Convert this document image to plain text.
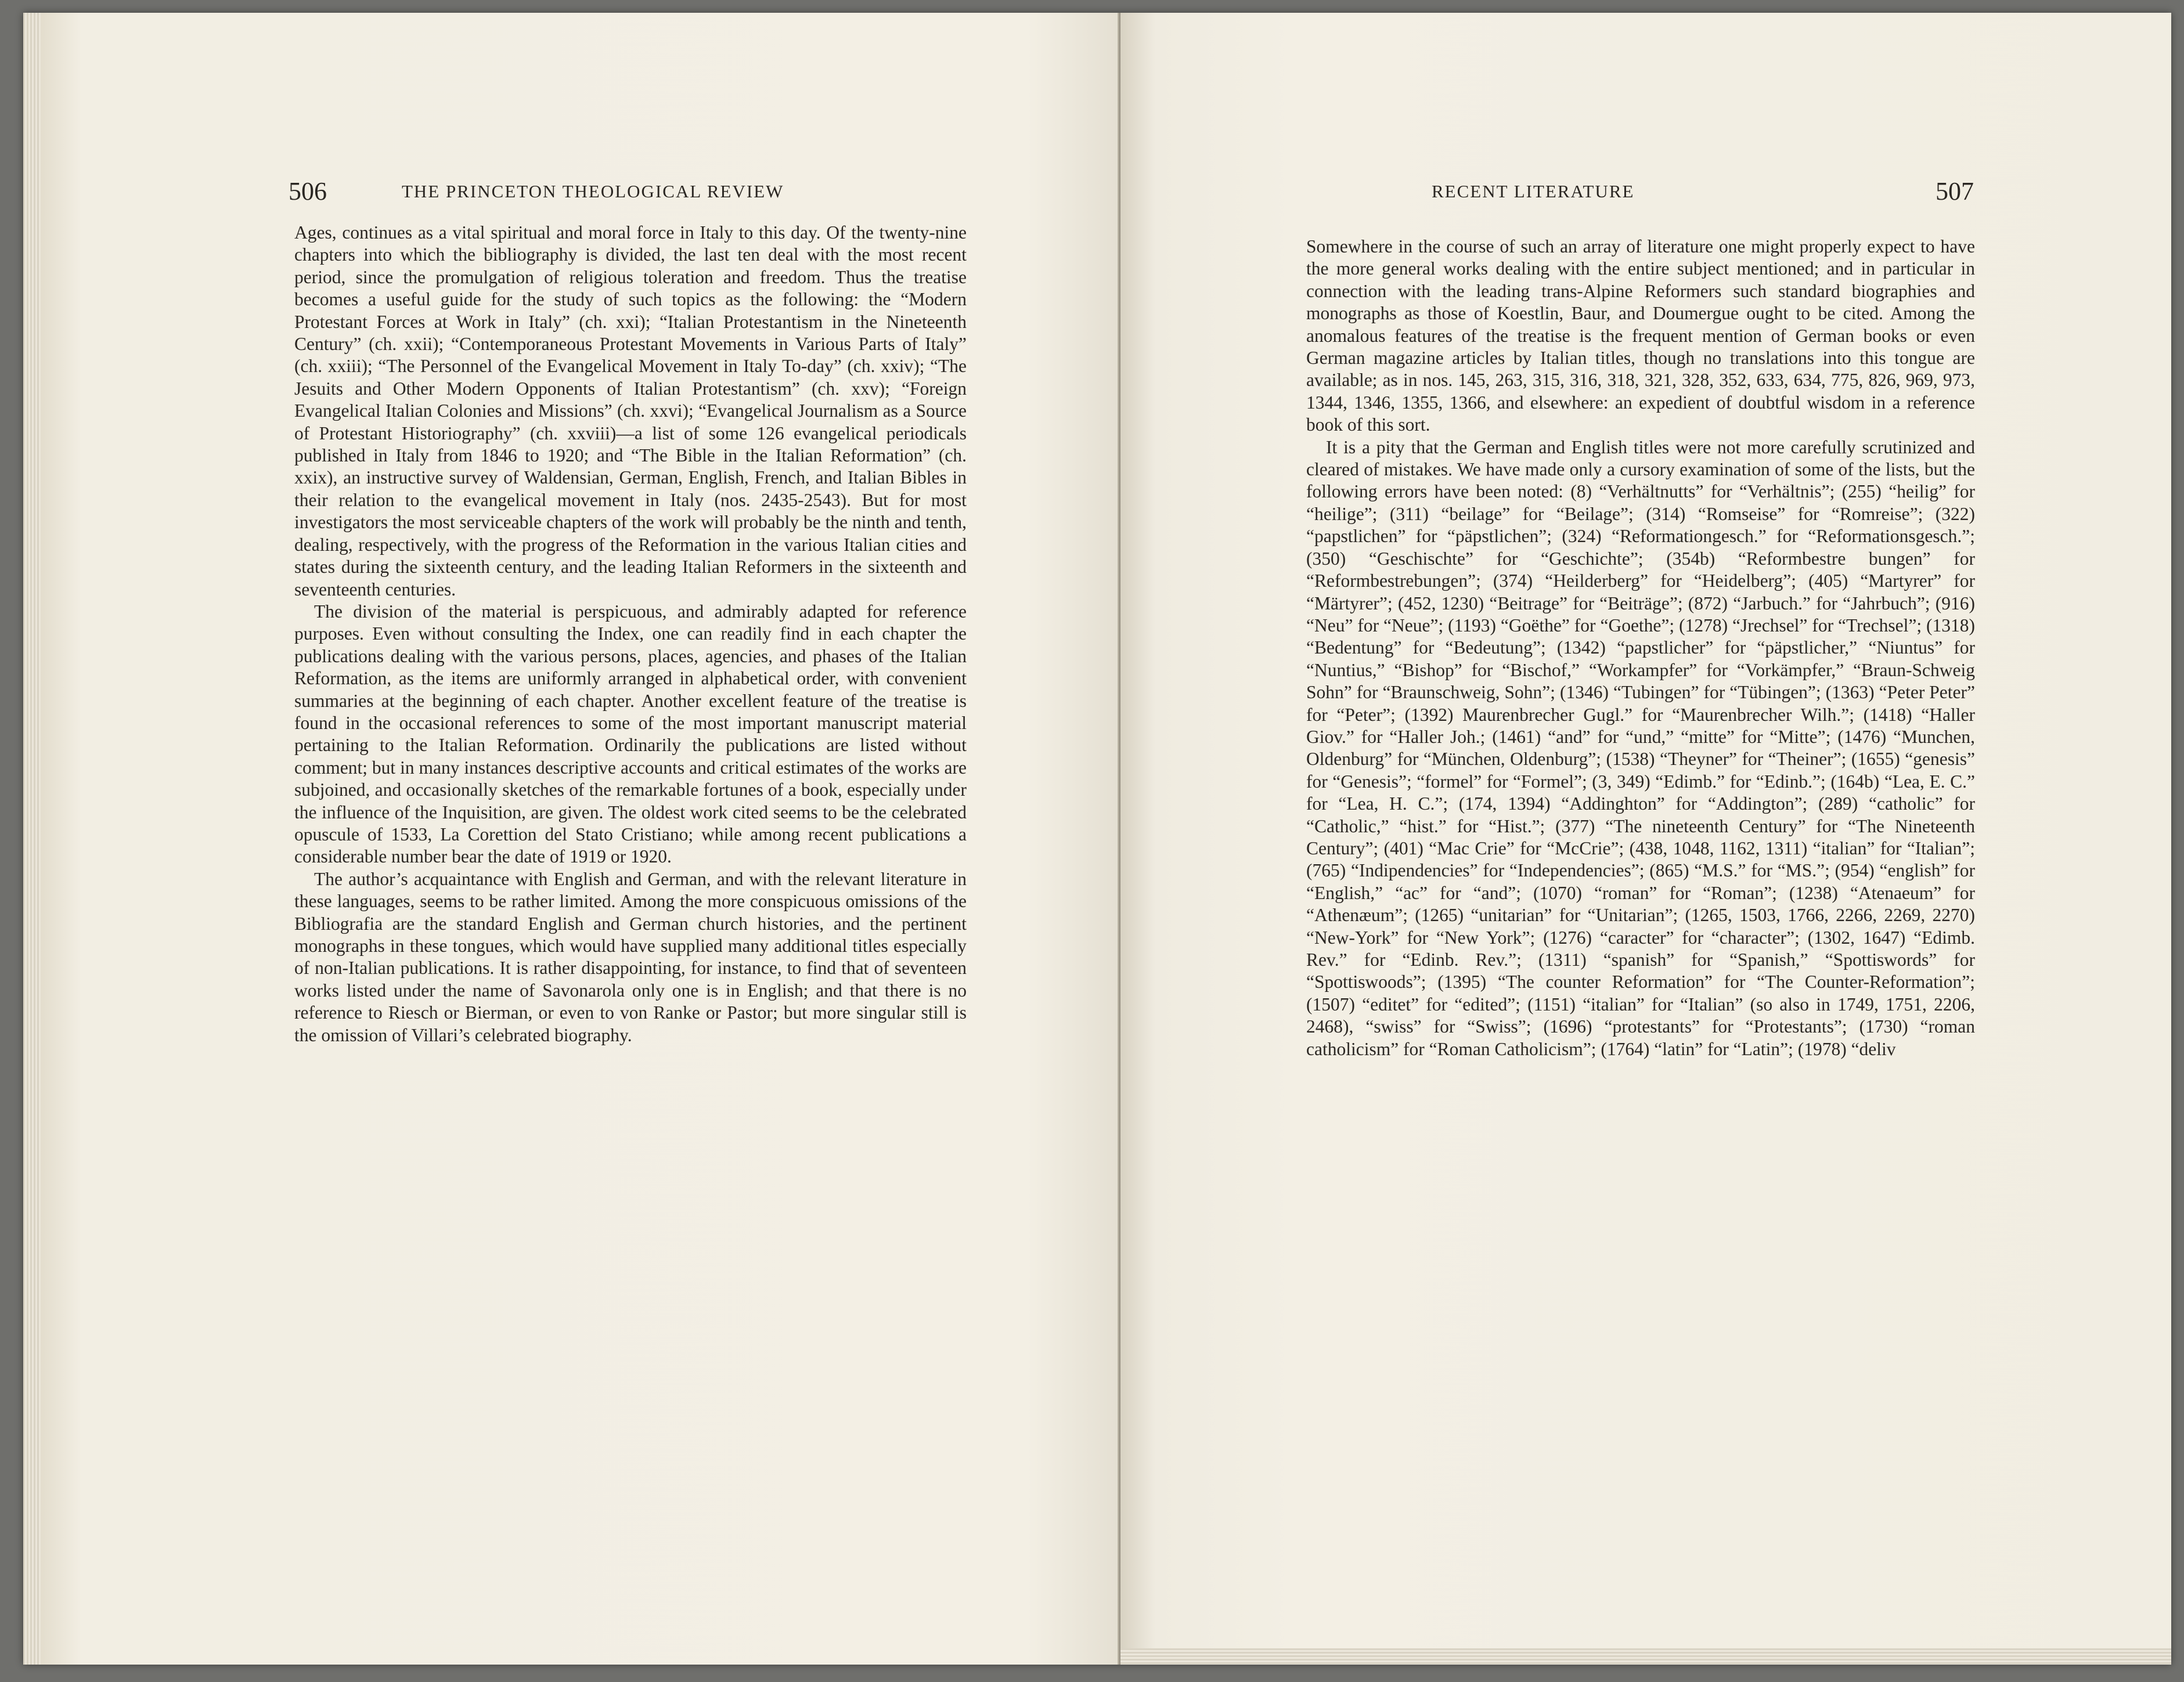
506	THE PRINCETON THEOLOGICAL REVIEW

Ages, continues as a vital spiritual and moral force in Italy to this day. Of the twenty-nine chapters into which the bibliography is divided, the last ten deal with the most recent period, since the promulgation of religious toleration and freedom. Thus the treatise becomes a useful guide for the study of such topics as the following: the “Modern Protestant Forces at Work in Italy” (ch. xxi); “Italian Protestantism in the Nineteenth Century” (ch. xxii); “Contemporaneous Protestant Movements in Various Parts of Italy” (ch. xxiii); “The Personnel of the Evangelical Movement in Italy To-day” (ch. xxiv); “The Jesuits and Other Modern Opponents of Italian Protestantism” (ch. xxv); “Foreign Evangelical Italian Colonies and Missions” (ch. xxvi); “Evangelical Journalism as a Source of Protestant Historiography” (ch. xxviii)—a list of some 126 evangelical periodicals published in Italy from 1846 to 1920; and “The Bible in the Italian Reformation” (ch. xxix), an instructive survey of Waldensian, German, English, French, and Italian Bibles in their relation to the evangelical movement in Italy (nos. 2435-2543). But for most investigators the most serviceable chapters of the work will probably be the ninth and tenth, dealing, respectively, with the progress of the Reformation in the various Italian cities and states during the sixteenth century, and the leading Italian Reformers in the sixteenth and seventeenth centuries.

The division of the material is perspicuous, and admirably adapted for reference purposes. Even without consulting the Index, one can readily find in each chapter the publications dealing with the various persons, places, agencies, and phases of the Italian Reformation, as the items are uniformly arranged in alphabetical order, with convenient summaries at the beginning of each chapter. Another excellent feature of the treatise is found in the occasional references to some of the most important manuscript material pertaining to the Italian Reformation. Ordinarily the publications are listed without comment; but in many instances descriptive accounts and critical estimates of the works are subjoined, and occasionally sketches of the remarkable fortunes of a book, especially under the influence of the Inquisition, are given. The oldest work cited seems to be the celebrated opuscule of 1533, La Corettion del Stato Cristiano; while among recent publications a considerable number bear the date of 1919 or 1920.

The author’s acquaintance with English and German, and with the relevant literature in these languages, seems to be rather limited. Among the more conspicuous omissions of the Bibliografia are the standard English and German church histories, and the pertinent monographs in these tongues, which would have supplied many additional titles especially of non-Italian publications. It is rather disappointing, for instance, to find that of seventeen works listed under the name of Savonarola only one is in English; and that there is no reference to Riesch or Bierman, or even to von Ranke or Pastor; but more singular still is the omission of Villari’s celebrated biography.

RECENT LITERATURE	507

Somewhere in the course of such an array of literature one might properly expect to have the more general works dealing with the entire subject mentioned; and in particular in connection with the leading trans-Alpine Reformers such standard biographies and monographs as those of Koestlin, Baur, and Doumergue ought to be cited. Among the anomalous features of the treatise is the frequent mention of German books or even German magazine articles by Italian titles, though no translations into this tongue are available; as in nos. 145, 263, 315, 316, 318, 321, 328, 352, 633, 634, 775, 826, 969, 973, 1344, 1346, 1355, 1366, and elsewhere: an expedient of doubtful wisdom in a reference book of this sort.

It is a pity that the German and English titles were not more carefully scrutinized and cleared of mistakes. We have made only a cursory examination of some of the lists, but the following errors have been noted: (8) “Verhältnutts” for “Verhältnis”; (255) “heilig” for “heilige”; (311) “beilage” for “Beilage”; (314) “Romseise” for “Romreise”; (322) “papstlichen” for “päpstlichen”; (324) “Reformationgesch.” for “Reformationsgesch.”; (350) “Geschischte” for “Geschichte”; (354b) “Reformbestre bungen” for “Reformbestrebungen”; (374) “Heilderberg” for “Heidelberg”; (405) “Martyrer” for “Märtyrer”; (452, 1230) “Beitrage” for “Beiträge”; (872) “Jarbuch.” for “Jahrbuch”; (916) “Neu” for “Neue”; (1193) “Goëthe” for “Goethe”; (1278) “Jrechsel” for “Trechsel”; (1318) “Bedentung” for “Bedeutung”; (1342) “papstlicher” for “päpstlicher,” “Niuntus” for “Nuntius,” “Bishop” for “Bischof,” “Workampfer” for “Vorkämpfer,” “Braun-Schweig Sohn” for “Braunschweig, Sohn”; (1346) “Tubingen” for “Tübingen”; (1363) “Peter Peter” for “Peter”; (1392) Maurenbrecher Gugl.” for “Maurenbrecher Wilh.”; (1418) “Haller Giov.” for “Haller Joh.; (1461) “and” for “und,” “mitte” for “Mitte”; (1476) “Munchen, Oldenburg” for “München, Oldenburg”; (1538) “Theyner” for “Theiner”; (1655) “genesis” for “Genesis”; “formel” for “Formel”; (3, 349) “Edimb.” for “Edinb.”; (164b) “Lea, E. C.” for “Lea, H. C.”; (174, 1394) “Addinghton” for “Addington”; (289) “catholic” for “Catholic,” “hist.” for “Hist.”; (377) “The nineteenth Century” for “The Nineteenth Century”; (401) “Mac Crie” for “McCrie”; (438, 1048, 1162, 1311) “italian” for “Italian”; (765) “Indipendencies” for “Independencies”; (865) “M.S.” for “MS.”; (954) “english” for “English,” “ac” for “and”; (1070) “roman” for “Roman”; (1238) “Atenaeum” for “Athenæum”; (1265) “unitarian” for “Unitarian”; (1265, 1503, 1766, 2266, 2269, 2270) “New-York” for “New York”; (1276) “caracter” for “character”; (1302, 1647) “Edimb. Rev.” for “Edinb. Rev.”; (1311) “spanish” for “Spanish,” “Spottiswords” for “Spottiswoods”; (1395) “The counter Reformation” for “The Counter-Reformation”; (1507) “editet” for “edited”; (1151) “italian” for “Italian” (so also in 1749, 1751, 2206, 2468), “swiss” for “Swiss”; (1696) “protestants” for “Protestants”; (1730) “roman catholicism” for “Roman Catholicism”; (1764) “latin” for “Latin”; (1978) “deliv
